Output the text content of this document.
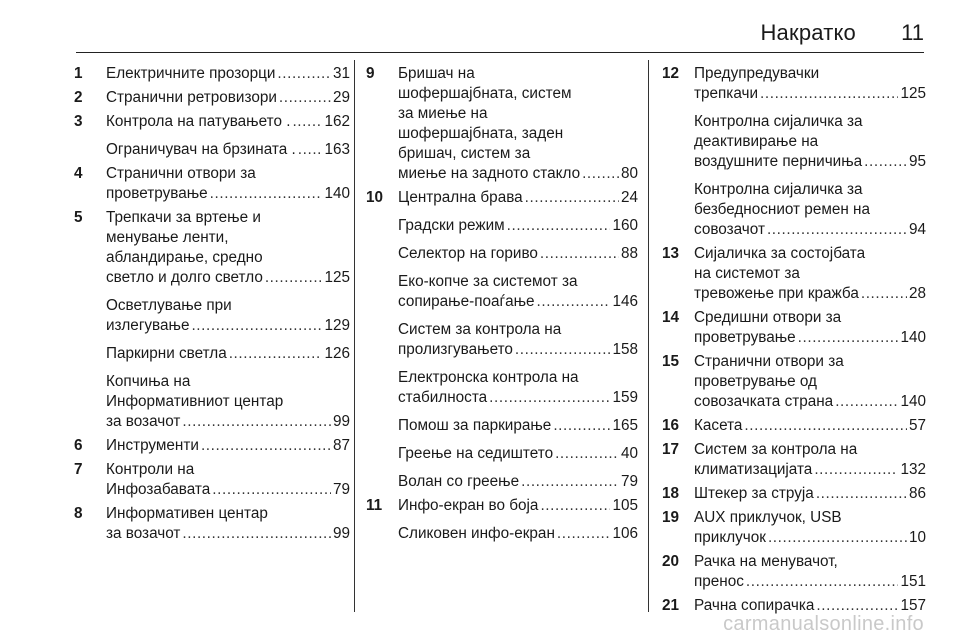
Накратко 11
1 Електричните прозорци .....	31
2 Странични ретровизори .....	29
3 Контрола на патувањето . ..... 162
Ограничувач на брзината . ..... 163
4 Странични отвори за
проветрување .....	140
5 Трепкачи за вртење и
менување ленти,
абландирање, средно
светло и долго светло .....	125
Осветлување при
излегување .....	129
Паркирни светла .....	126
Копчиња на
Информативниот центар
за возачот .....	99
6 Инструменти .....	87
7 Контроли на
Инфозабавата .....	79
8 Информативен центар
за возачот .....	99
9 Бришач на
шофершајбната, систем
за миење на
шофершајбната, заден
бришач, систем за
миење на задното стакло .....	80
10 Централна брава .....	24
Градски режим .....	160
Селектор на гориво .....	88
Еко-копче за системот за
сопирање-поаѓање .....	146
Систем за контрола на
пролизгувањето .....	158
Електронска контрола на
стабилноста .....	159
Помош за паркирање .....	165
Греење на седиштето .....	40
Волан со греење .....	79
11 Инфо-екран во боја .....	105
Сликовен инфо-екран .....	106
12 Предупредувачки
трепкачи .....	125
Контролна сијаличка за
деактивирање на
воздушните перничиња .....	95
Контролна сијаличка за
безбедносниот ремен на
совозачот .....	94
13 Сијаличка за состојбата
на системот за
тревожење при кражба .....	28
14 Средишни отвори за
проветрување .....	140
15 Странични отвори за
проветрување од
совозачката страна .....	140
16 Касета .....	57
17 Систем за контрола на
климатизацијата .....	132
18 Штекер за струја .....	86
19 AUX приклучок, USB
приклучок .....	10
20 Рачка на менувачот,
пренос .....	151
21 Рачна сопирачка .....	157
carmanualsonline.info
